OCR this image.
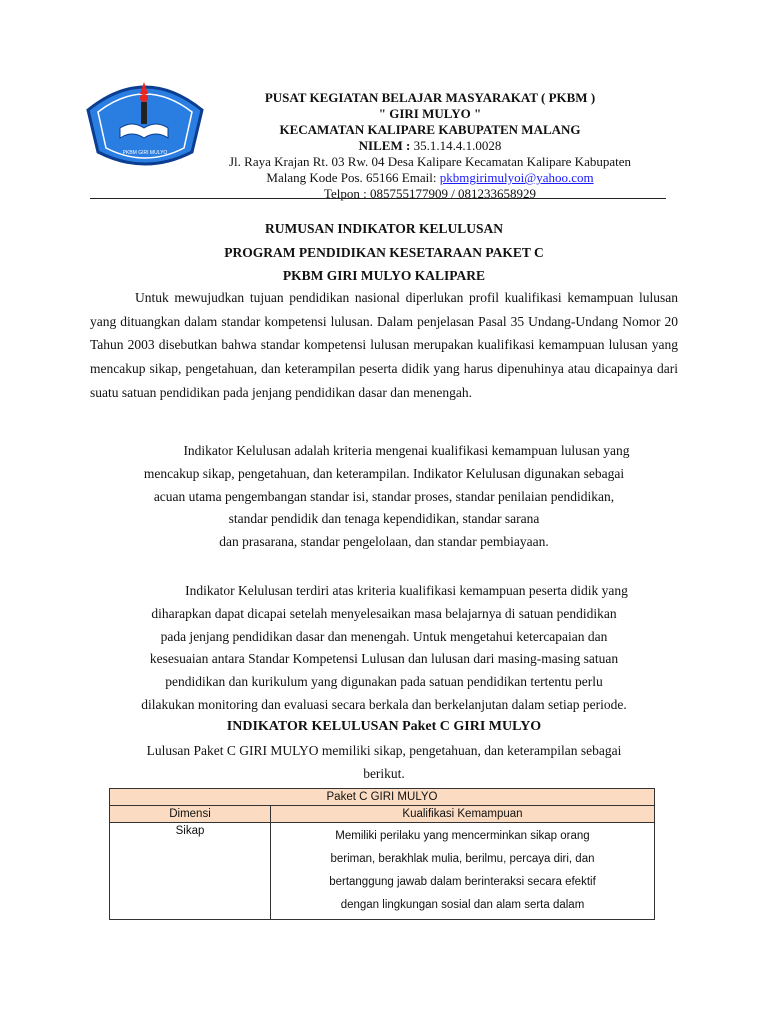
PKBM GIRI MULYO
PUSAT KEGIATAN BELAJAR MASYARAKAT ( PKBM )
" GIRI MULYO "
KECAMATAN KALIPARE KABUPATEN MALANG
NILEM : 35.1.14.4.1.0028
Jl. Raya Krajan Rt. 03 Rw. 04 Desa Kalipare Kecamatan Kalipare Kabupaten
Malang Kode Pos. 65166 Email: pkbmgirimulyoi@yahoo.com
Telpon : 085755177909 / 081233658929
RUMUSAN INDIKATOR KELULUSAN
PROGRAM PENDIDIKAN KESETARAAN PAKET C
PKBM GIRI MULYO KALIPARE
Untuk mewujudkan tujuan pendidikan nasional diperlukan profil kualifikasi kemampuan lulusan yang dituangkan dalam standar kompetensi lulusan. Dalam penjelasan Pasal 35 Undang-Undang Nomor 20 Tahun 2003 disebutkan bahwa standar kompetensi lulusan merupakan kualifikasi kemampuan lulusan yang mencakup sikap, pengetahuan, dan keterampilan peserta didik yang harus dipenuhinya atau dicapainya dari suatu satuan pendidikan pada jenjang pendidikan dasar dan menengah.
Indikator Kelulusan adalah kriteria mengenai kualifikasi kemampuan lulusan yang
mencakup sikap, pengetahuan, dan keterampilan. Indikator Kelulusan digunakan sebagai
acuan utama pengembangan standar isi, standar proses, standar penilaian pendidikan,
standar pendidik dan tenaga kependidikan, standar sarana
dan prasarana, standar pengelolaan, dan standar pembiayaan.
Indikator Kelulusan terdiri atas kriteria kualifikasi kemampuan peserta didik yang
diharapkan dapat dicapai setelah menyelesaikan masa belajarnya di satuan pendidikan
pada jenjang pendidikan dasar dan menengah. Untuk mengetahui ketercapaian dan
kesesuaian antara Standar Kompetensi Lulusan dan lulusan dari masing-masing satuan
pendidikan dan kurikulum yang digunakan pada satuan pendidikan tertentu perlu
dilakukan monitoring dan evaluasi secara berkala dan berkelanjutan dalam setiap periode.
INDIKATOR KELULUSAN Paket C GIRI MULYO
Lulusan Paket C GIRI MULYO memiliki sikap, pengetahuan, dan keterampilan sebagai
berikut.
Paket C GIRI MULYO	
Dimensi	Kualifikasi Kemampuan
Sikap	Memiliki perilaku yang mencerminkan sikap orang
beriman, berakhlak mulia, berilmu, percaya diri, dan
bertanggung jawab dalam berinteraksi secara efektif
dengan lingkungan sosial dan alam serta dalam
